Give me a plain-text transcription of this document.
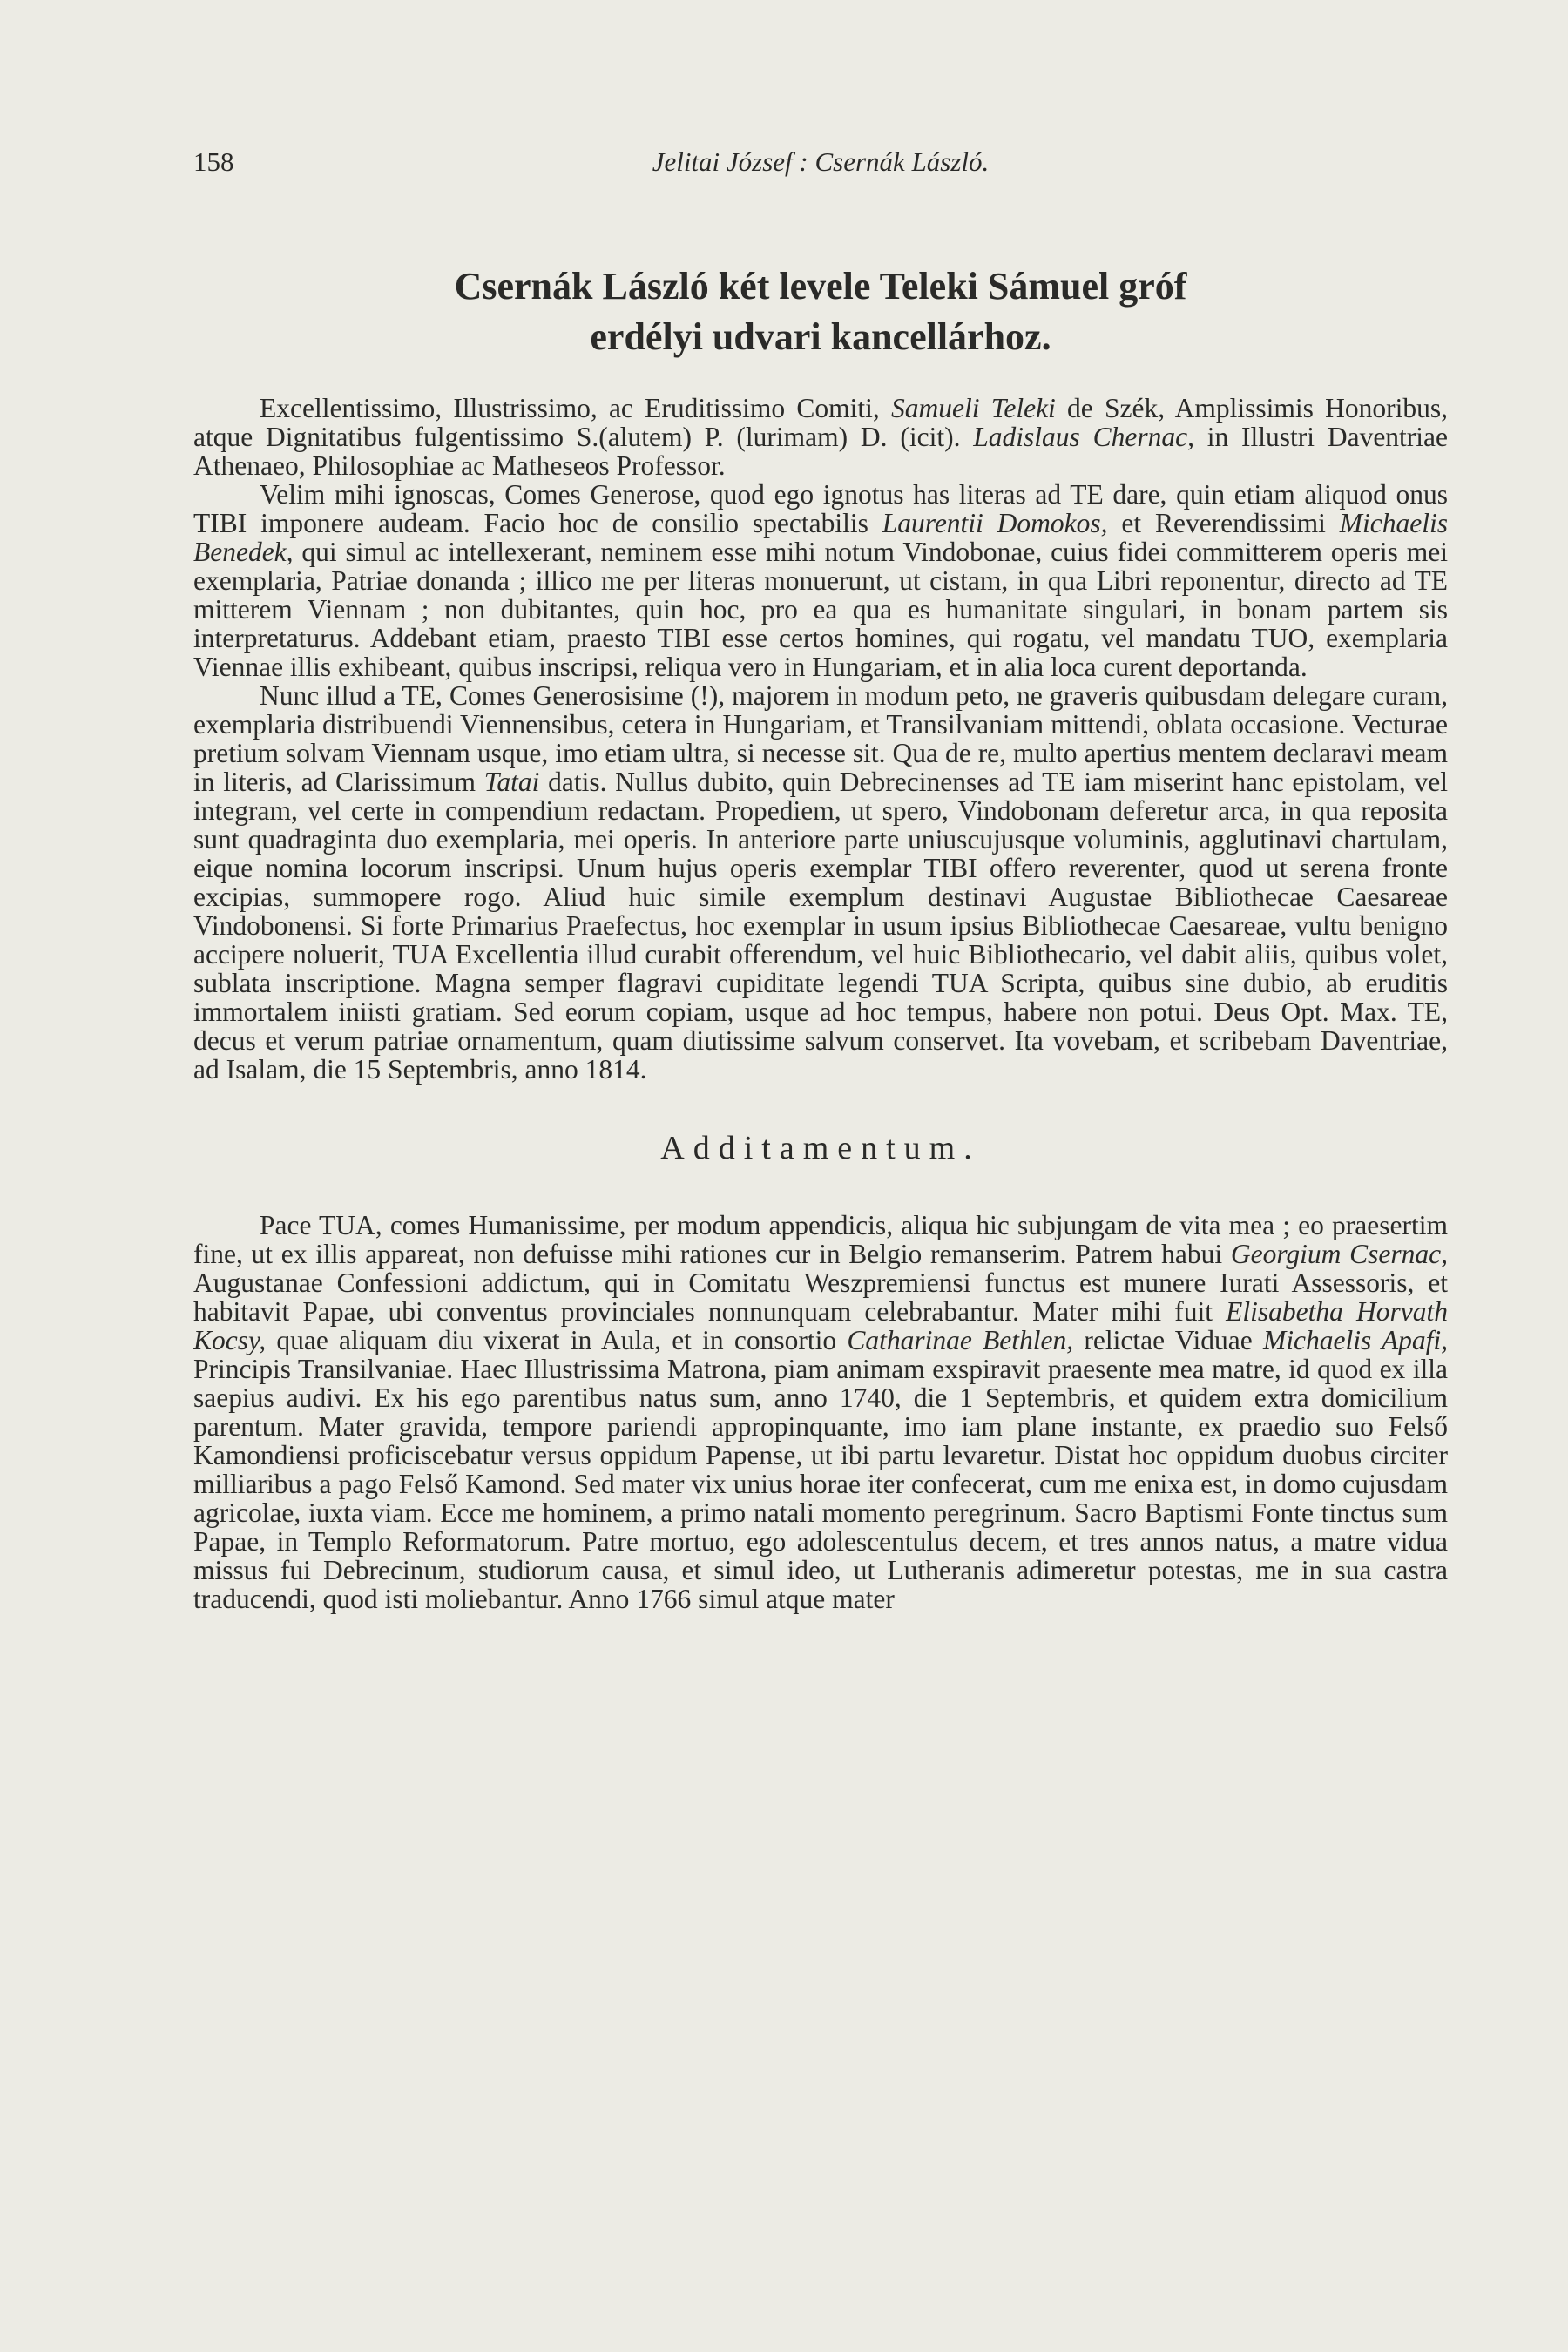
158	Jelitai József : Csernák László.
Csernák László két levele Teleki Sámuel gróf
erdélyi udvari kancellárhoz.

Excellentissimo, Illustrissimo, ac Eruditissimo Comiti, Samueli Teleki de Szék, Amplissimis Honoribus, atque Dignitatibus fulgentissimo S.(alutem) P. (lurimam) D. (icit). Ladislaus Chernac, in Illustri Daventriae Athenaeo, Philosophiae ac Matheseos Professor.

Velim mihi ignoscas, Comes Generose, quod ego ignotus has literas ad TE dare, quin etiam aliquod onus TIBI imponere audeam. Facio hoc de consilio spectabilis Laurentii Domokos, et Reverendissimi Michaelis Benedek, qui simul ac intellexerant, neminem esse mihi notum Vindobonae, cuius fidei committerem operis mei exemplaria, Patriae donanda ; illico me per literas monuerunt, ut cistam, in qua Libri reponentur, directo ad TE mitterem Viennam ; non dubitantes, quin hoc, pro ea qua es humanitate singulari, in bonam partem sis interpretaturus. Addebant etiam, praesto TIBI esse certos homines, qui rogatu, vel mandatu TUO, exemplaria Viennae illis exhibeant, quibus inscripsi, reliqua vero in Hungariam, et in alia loca curent deportanda.

Nunc illud a TE, Comes Generosisime (!), majorem in modum peto, ne graveris quibusdam delegare curam, exemplaria distribuendi Viennensibus, cetera in Hungariam, et Transilvaniam mittendi, oblata occasione. Vecturae pretium solvam Viennam usque, imo etiam ultra, si necesse sit. Qua de re, multo apertius mentem declaravi meam in literis, ad Clarissimum Tatai datis. Nullus dubito, quin Debrecinenses ad TE iam miserint hanc epistolam, vel integram, vel certe in compendium redactam. Propediem, ut spero, Vindobonam deferetur arca, in qua reposita sunt quadraginta duo exemplaria, mei operis. In anteriore parte uniuscujusque voluminis, agglutinavi chartulam, eique nomina locorum inscripsi. Unum hujus operis exemplar TIBI offero reverenter, quod ut serena fronte excipias, summopere rogo. Aliud huic simile exemplum destinavi Augustae Bibliothecae Caesareae Vindobonensi. Si forte Primarius Praefectus, hoc exemplar in usum ipsius Bibliothecae Caesareae, vultu benigno accipere noluerit, TUA Excellentia illud curabit offerendum, vel huic Bibliothecario, vel dabit aliis, quibus volet, sublata inscriptione. Magna semper flagravi cupiditate legendi TUA Scripta, quibus sine dubio, ab eruditis immortalem iniisti gratiam. Sed eorum copiam, usque ad hoc tempus, habere non potui. Deus Opt. Max. TE, decus et verum patriae ornamentum, quam diutissime salvum conservet. Ita vovebam, et scribebam Daventriae, ad Isalam, die 15 Septembris, anno 1814.

Additamentum.

Pace TUA, comes Humanissime, per modum appendicis, aliqua hic subjungam de vita mea ; eo praesertim fine, ut ex illis appareat, non defuisse mihi rationes cur in Belgio remanserim. Patrem habui Georgium Csernac, Augustanae Confessioni addictum, qui in Comitatu Weszpremiensi functus est munere Iurati Assessoris, et habitavit Papae, ubi conventus provinciales nonnunquam celebrabantur. Mater mihi fuit Elisabetha Horvath Kocsy, quae aliquam diu vixerat in Aula, et in consortio Catharinae Bethlen, relictae Viduae Michaelis Apafi, Principis Transilvaniae. Haec Illustrissima Matrona, piam animam exspiravit praesente mea matre, id quod ex illa saepius audivi. Ex his ego parentibus natus sum, anno 1740, die 1 Septembris, et quidem extra domicilium parentum. Mater gravida, tempore pariendi appropinquante, imo iam plane instante, ex praedio suo Felső Kamondiensi proficiscebatur versus oppidum Papense, ut ibi partu levaretur. Distat hoc oppidum duobus circiter milliaribus a pago Felső Kamond. Sed mater vix unius horae iter confecerat, cum me enixa est, in domo cujusdam agricolae, iuxta viam. Ecce me hominem, a primo natali momento peregrinum. Sacro Baptismi Fonte tinctus sum Papae, in Templo Reformatorum. Patre mortuo, ego adolescentulus decem, et tres annos natus, a matre vidua missus fui Debrecinum, studiorum causa, et simul ideo, ut Lutheranis adimeretur potestas, me in sua castra traducendi, quod isti moliebantur. Anno 1766 simul atque mater
